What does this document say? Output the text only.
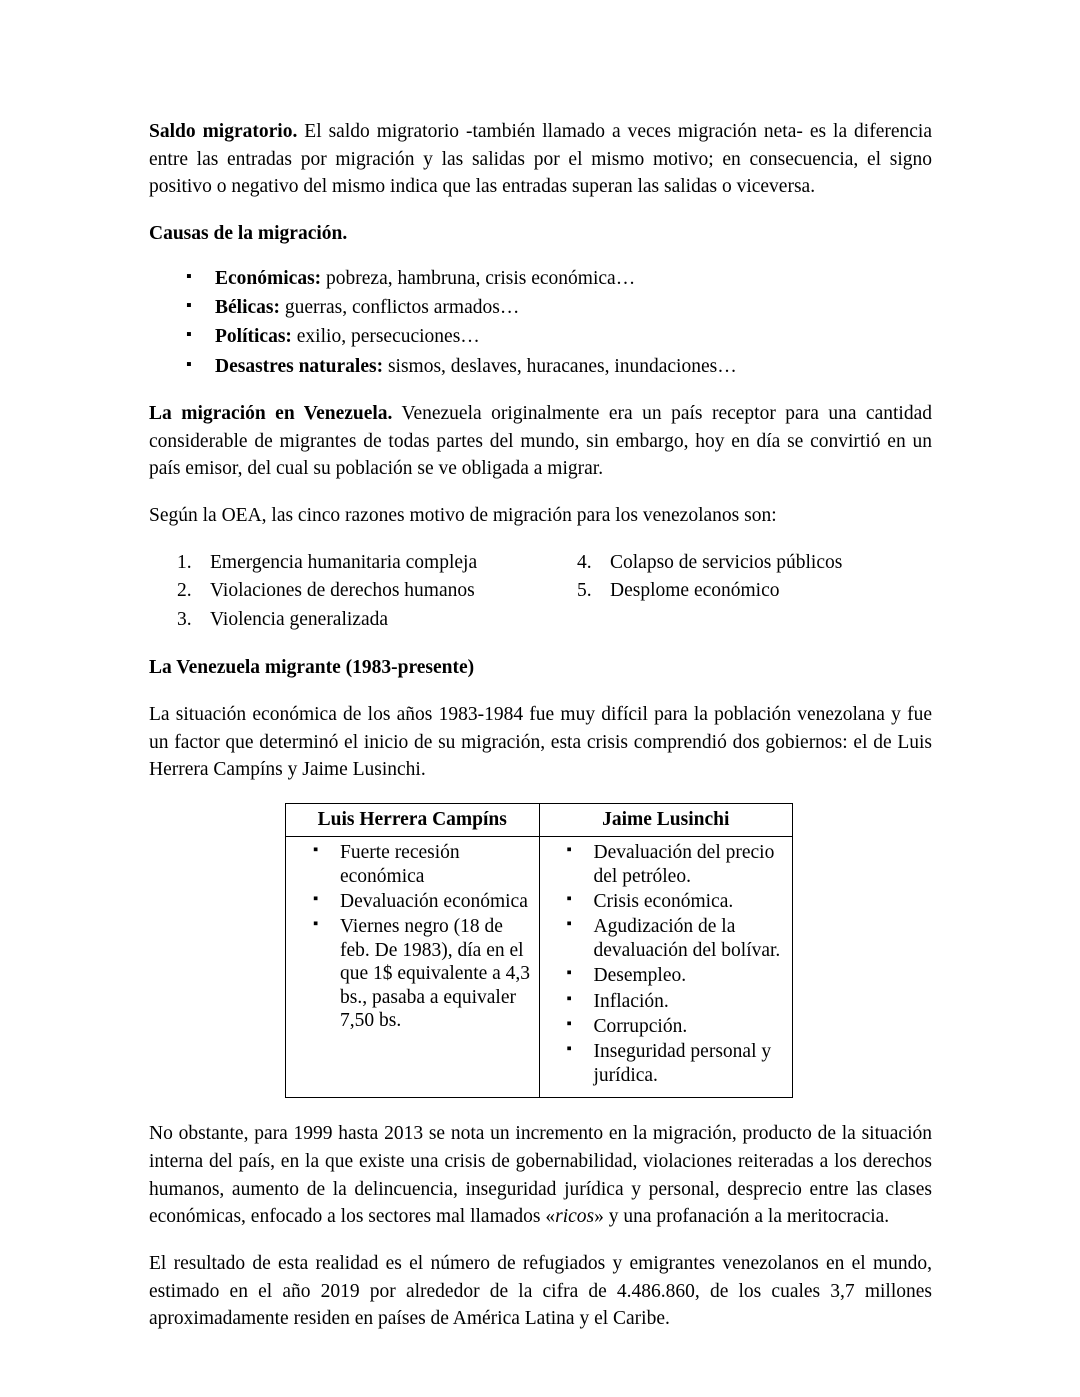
Saldo migratorio. El saldo migratorio -también llamado a veces migración neta- es la diferencia entre las entradas por migración y las salidas por el mismo motivo; en consecuencia, el signo positivo o negativo del mismo indica que las entradas superan las salidas o viceversa.

Causas de la migración.
▪ Económicas: pobreza, hambruna, crisis económica…
▪ Bélicas: guerras, conflictos armados…
▪ Políticas: exilio, persecuciones…
▪ Desastres naturales: sismos, deslaves, huracanes, inundaciones…

La migración en Venezuela. Venezuela originalmente era un país receptor para una cantidad considerable de migrantes de todas partes del mundo, sin embargo, hoy en día se convirtió en un país emisor, del cual su población se ve obligada a migrar.

Según la OEA, las cinco razones motivo de migración para los venezolanos son:

1. Emergencia humanitaria compleja
2. Violaciones de derechos humanos
3. Violencia generalizada
4. Colapso de servicios públicos
5. Desplome económico
La Venezuela migrante (1983-presente)

La situación económica de los años 1983-1984 fue muy difícil para la población venezolana y fue un factor que determinó el inicio de su migración, esta crisis comprendió dos gobiernos: el de Luis Herrera Campíns y Jaime Lusinchi.

Luis Herrera Campíns	Jaime Lusinchi

▪ Fuerte recesión económica
▪ Devaluación económica
▪ Viernes negro (18 de feb. De 1983), día en el que 1$ equivalente a 4,3 bs., pasaba a equivaler 7,50 bs.

▪ Devaluación del precio del petróleo.
▪ Crisis económica.
▪ Agudización de la devaluación del bolívar.
▪ Desempleo.
▪ Inflación.
▪ Corrupción.
▪ Inseguridad personal y jurídica.

No obstante, para 1999 hasta 2013 se nota un incremento en la migración, producto de la situación interna del país, en la que existe una crisis de gobernabilidad, violaciones reiteradas a los derechos humanos, aumento de la delincuencia, inseguridad jurídica y personal, desprecio entre las clases económicas, enfocado a los sectores mal llamados «ricos» y una profanación a la meritocracia.

El resultado de esta realidad es el número de refugiados y emigrantes venezolanos en el mundo, estimado en el año 2019 por alrededor de la cifra de 4.486.860, de los cuales 3,7 millones aproximadamente residen en países de América Latina y el Caribe.
